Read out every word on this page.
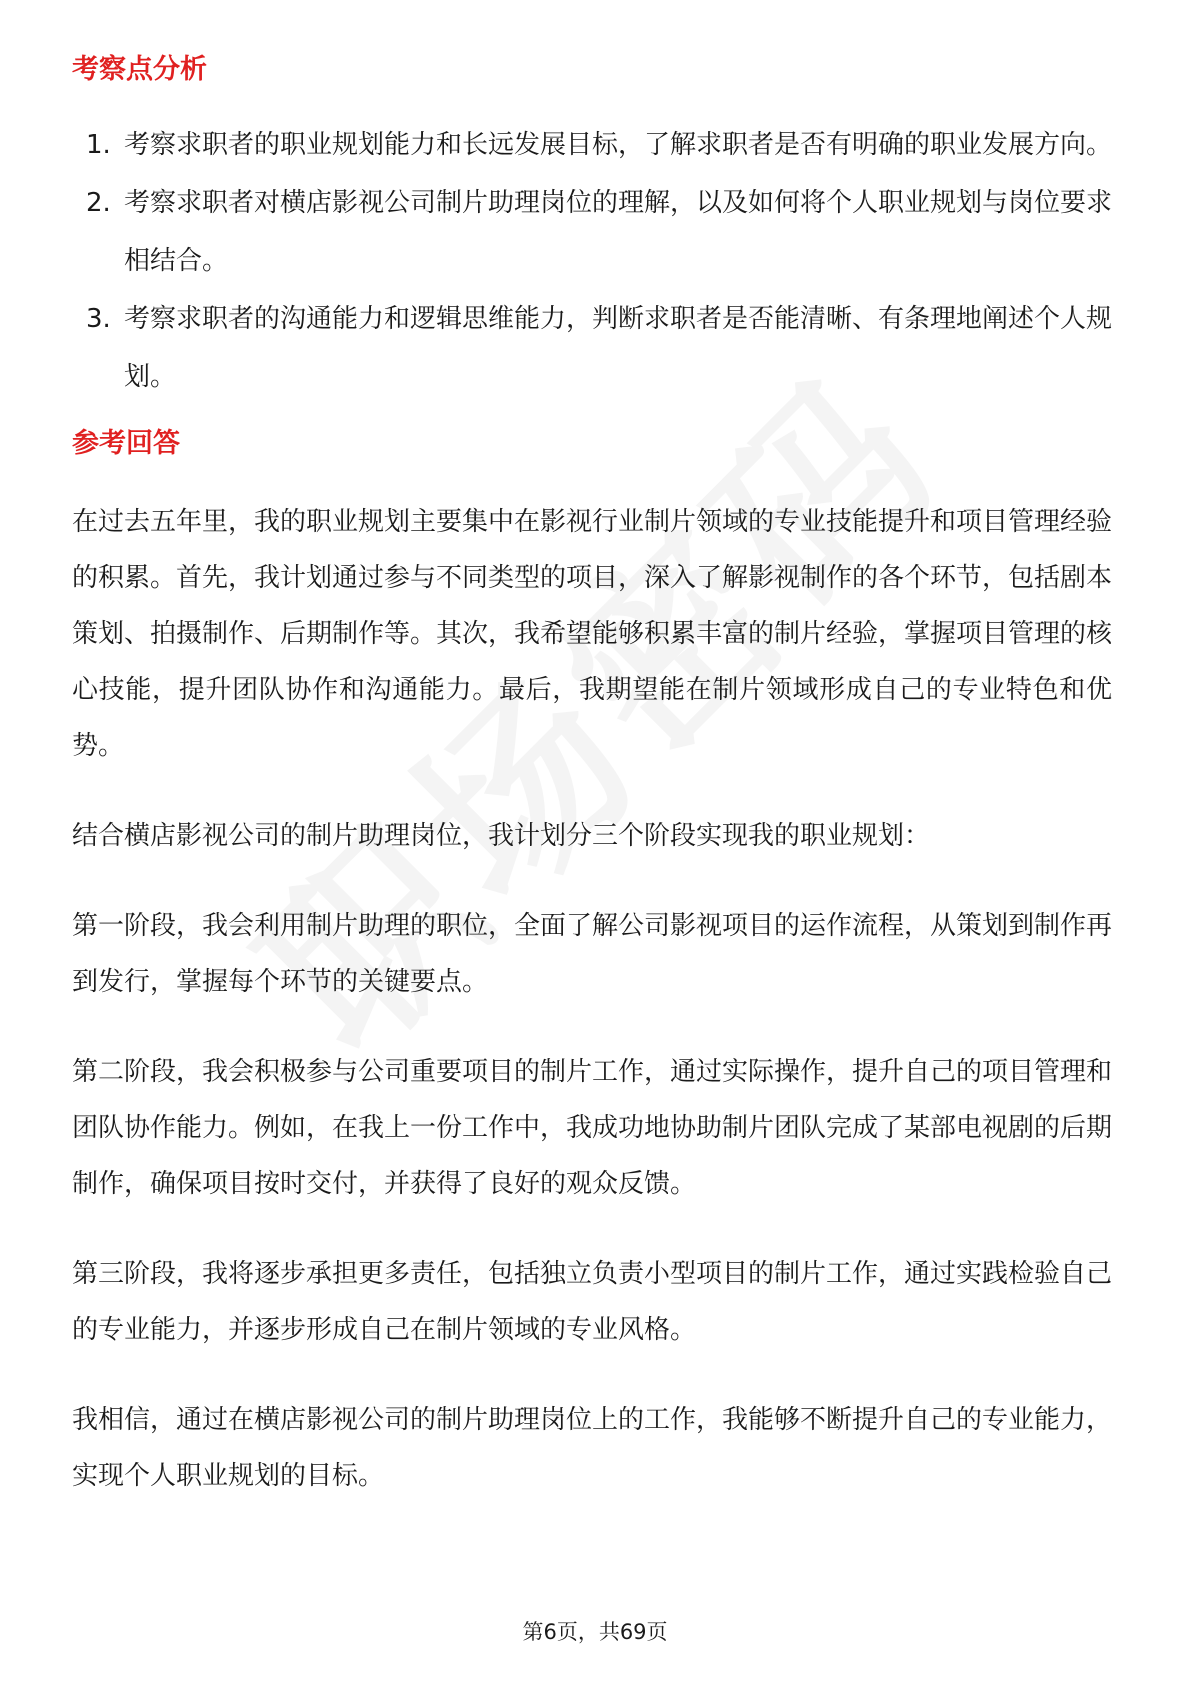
考察点分析
1. 考察求职者的职业规划能力和长远发展目标，了解求职者是否有明确的职业发展方向。
2. 考察求职者对横店影视公司制片助理岗位的理解，以及如何将个人职业规划与岗位要求相结合。
3. 考察求职者的沟通能力和逻辑思维能力，判断求职者是否能清晰、有条理地阐述个人规划。
参考回答

在过去五年里，我的职业规划主要集中在影视行业制片领域的专业技能提升和项目管理经验的积累。首先，我计划通过参与不同类型的项目，深入了解影视制作的各个环节，包括剧本策划、拍摄制作、后期制作等。其次，我希望能够积累丰富的制片经验，掌握项目管理的核心技能，提升团队协作和沟通能力。最后，我期望能在制片领域形成自己的专业特色和优势。

结合横店影视公司的制片助理岗位，我计划分三个阶段实现我的职业规划：

第一阶段，我会利用制片助理的职位，全面了解公司影视项目的运作流程，从策划到制作再到发行，掌握每个环节的关键要点。

第二阶段，我会积极参与公司重要项目的制片工作，通过实际操作，提升自己的项目管理和团队协作能力。例如，在我上一份工作中，我成功地协助制片团队完成了某部电视剧的后期制作，确保项目按时交付，并获得了良好的观众反馈。

第三阶段，我将逐步承担更多责任，包括独立负责小型项目的制片工作，通过实践检验自己的专业能力，并逐步形成自己在制片领域的专业风格。

我相信，通过在横店影视公司的制片助理岗位上的工作，我能够不断提升自己的专业能力，实现个人职业规划的目标。

第6页，共69页
